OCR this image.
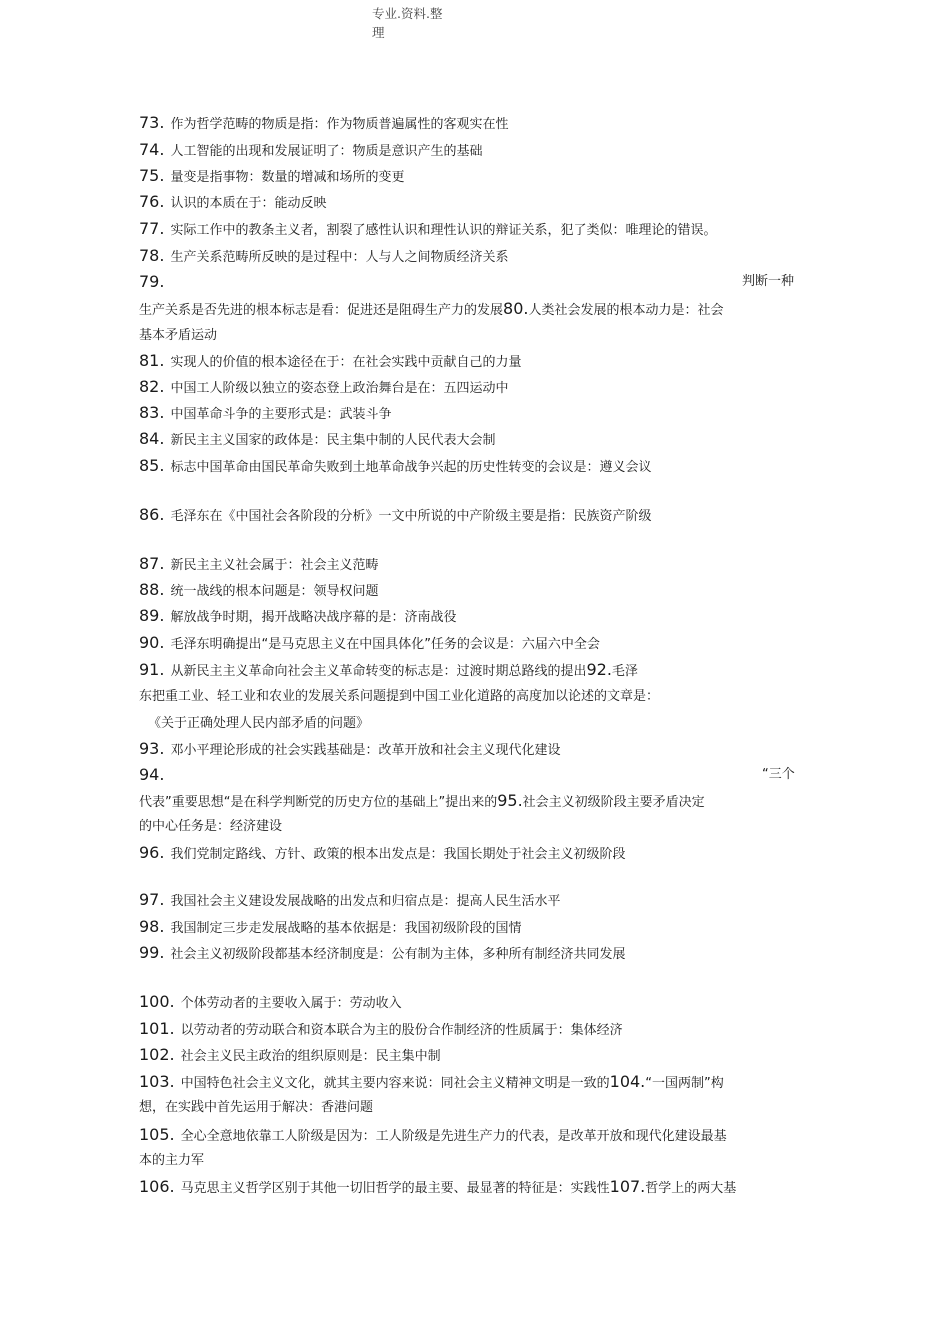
专业.资料.整
理
73. 作为哲学范畴的物质是指：作为物质普遍属性的客观实在性
74. 人工智能的出现和发展证明了：物质是意识产生的基础
75. 量变是指事物：数量的增减和场所的变更
76. 认识的本质在于：能动反映
77. 实际工作中的教条主义者，割裂了感性认识和理性认识的辩证关系，犯了类似：唯理论的错误。
78. 生产关系范畴所反映的是过程中：人与人之间物质经济关系
79.	判断一种
生产关系是否先进的根本标志是看：促进还是阻碍生产力的发展80.人类社会发展的根本动力是：社会
基本矛盾运动
81. 实现人的价值的根本途径在于：在社会实践中贡献自己的力量
82. 中国工人阶级以独立的姿态登上政治舞台是在：五四运动中
83. 中国革命斗争的主要形式是：武装斗争
84. 新民主主义国家的政体是：民主集中制的人民代表大会制
85. 标志中国革命由国民革命失败到土地革命战争兴起的历史性转变的会议是：遵义会议
86. 毛泽东在《中国社会各阶段的分析》一文中所说的中产阶级主要是指：民族资产阶级
87. 新民主主义社会属于：社会主义范畴
88. 统一战线的根本问题是：领导权问题
89. 解放战争时期，揭开战略决战序幕的是：济南战役
90. 毛泽东明确提出“是马克思主义在中国具体化”任务的会议是：六届六中全会
91. 从新民主主义革命向社会主义革命转变的标志是：过渡时期总路线的提出92.毛泽
东把重工业、轻工业和农业的发展关系问题提到中国工业化道路的高度加以论述的文章是：
《关于正确处理人民内部矛盾的问题》
93. 邓小平理论形成的社会实践基础是：改革开放和社会主义现代化建设
94.	“三个
代表”重要思想“是在科学判断党的历史方位的基础上”提出来的95.社会主义初级阶段主要矛盾决定
的中心任务是：经济建设
96. 我们党制定路线、方针、政策的根本出发点是：我国长期处于社会主义初级阶段
97. 我国社会主义建设发展战略的出发点和归宿点是：提高人民生活水平
98. 我国制定三步走发展战略的基本依据是：我国初级阶段的国情
99. 社会主义初级阶段都基本经济制度是：公有制为主体，多种所有制经济共同发展
100. 个体劳动者的主要收入属于：劳动收入
101. 以劳动者的劳动联合和资本联合为主的股份合作制经济的性质属于：集体经济
102. 社会主义民主政治的组织原则是：民主集中制
103. 中国特色社会主义文化，就其主要内容来说：同社会主义精神文明是一致的104.“一国两制”构
想，在实践中首先运用于解决：香港问题
105. 全心全意地依靠工人阶级是因为：工人阶级是先进生产力的代表，是改革开放和现代化建设最基
本的主力军
106. 马克思主义哲学区别于其他一切旧哲学的最主要、最显著的特征是：实践性107.哲学上的两大基
